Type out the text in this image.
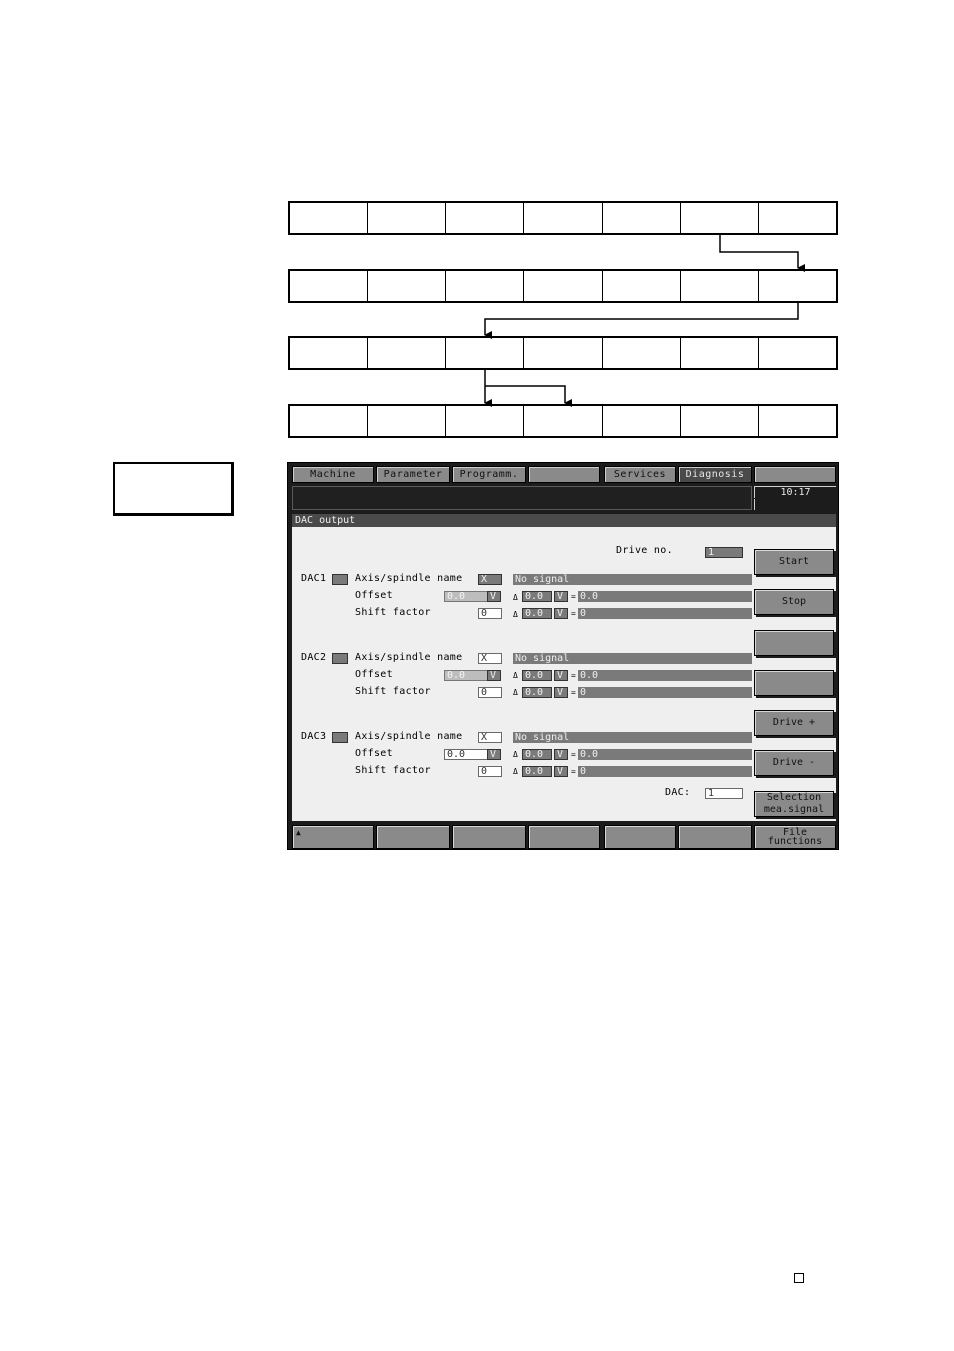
Machine	Parameter	Programm.	Services	Diagnosis
10:17
DAC output
Drive no.	1
DAC1	Axis/spindle name	X	No signal
Offset	0.0	V	Δ 0.0	V = 0.0
Shift factor	0	Δ 0.0	V = 0
DAC2	Axis/spindle name	X	No signal
Offset	0.0	V	Δ 0.0	V = 0.0
Shift factor	0	Δ 0.0	V = 0
DAC3	Axis/spindle name	X	No signal
Offset	0.0	V	Δ 0.0	V = 0.0
Shift factor	0	Δ 0.0	V = 0
DAC:	1
Start
Stop
Drive +
Drive -
Selection
mea.signal
▲	File
functions
